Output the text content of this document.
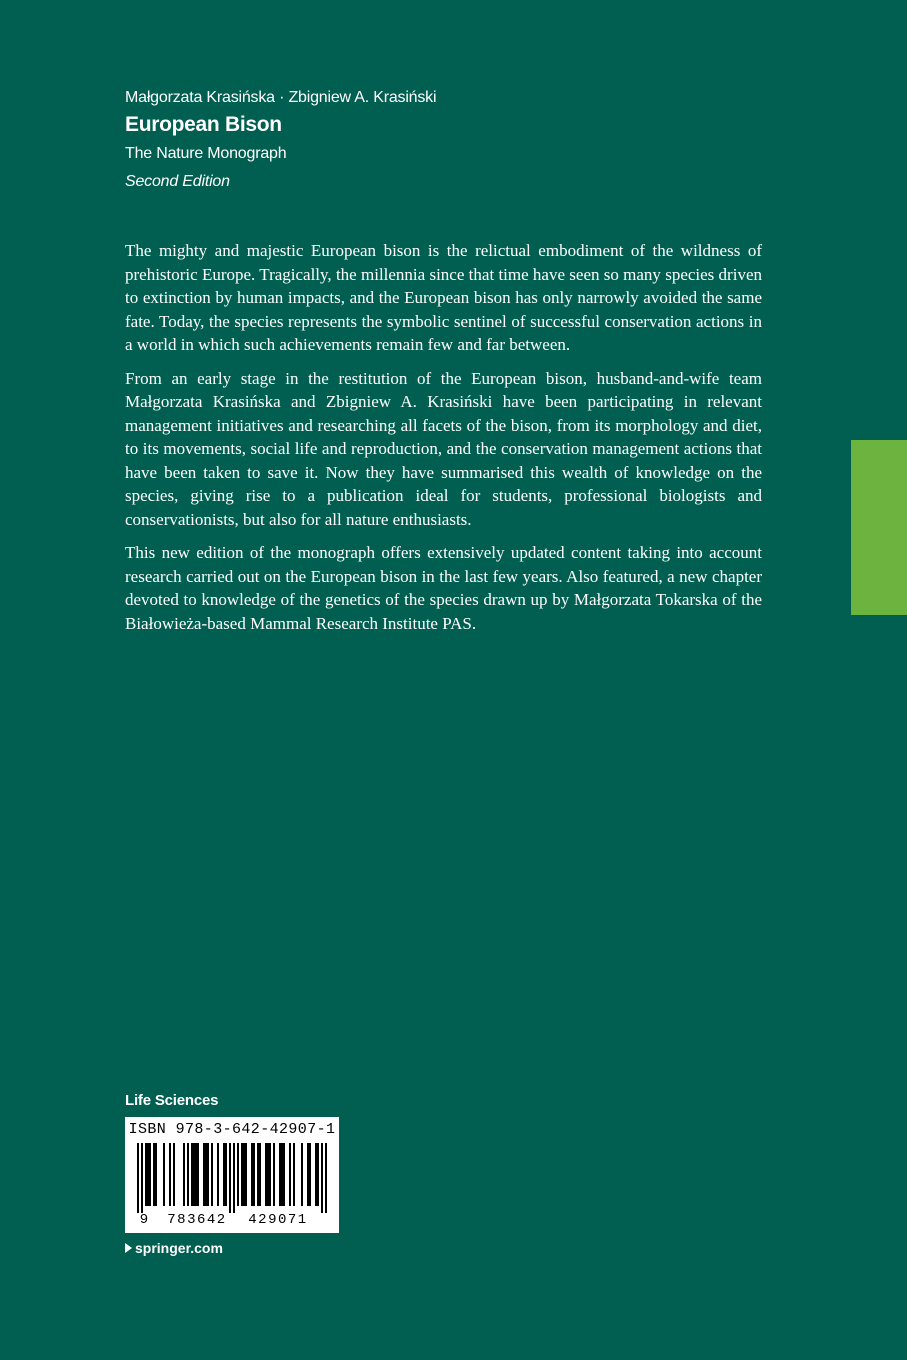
Małgorzata Krasińska · Zbigniew A. Krasiński
European Bison
The Nature Monograph
Second Edition

The mighty and majestic European bison is the relictual embodiment of the wildness of prehistoric Europe. Tragically, the millennia since that time have seen so many species driven to extinction by human impacts, and the European bison has only narrowly avoided the same fate. Today, the species represents the symbolic sentinel of successful conservation actions in a world in which such achievements remain few and far between.

From an early stage in the restitution of the European bison, husband-and-wife team Małgorzata Krasińska and Zbigniew A. Krasiński have been participating in relevant management initiatives and researching all facets of the bison, from its morphology and diet, to its movements, social life and reproduction, and the conservation management actions that have been taken to save it. Now they have summarised this wealth of knowledge on the species, giving rise to a publication ideal for students, professional biologists and conservationists, but also for all nature enthusiasts.

This new edition of the monograph offers extensively updated content taking into account research carried out on the European bison in the last few years. Also featured, a new chapter devoted to knowledge of the genetics of the species drawn up by Małgorzata Tokarska of the Białowieża-based Mammal Research Institute PAS.

Life Sciences
ISBN 978-3-642-42907-1
9 783642 429071
springer.com
